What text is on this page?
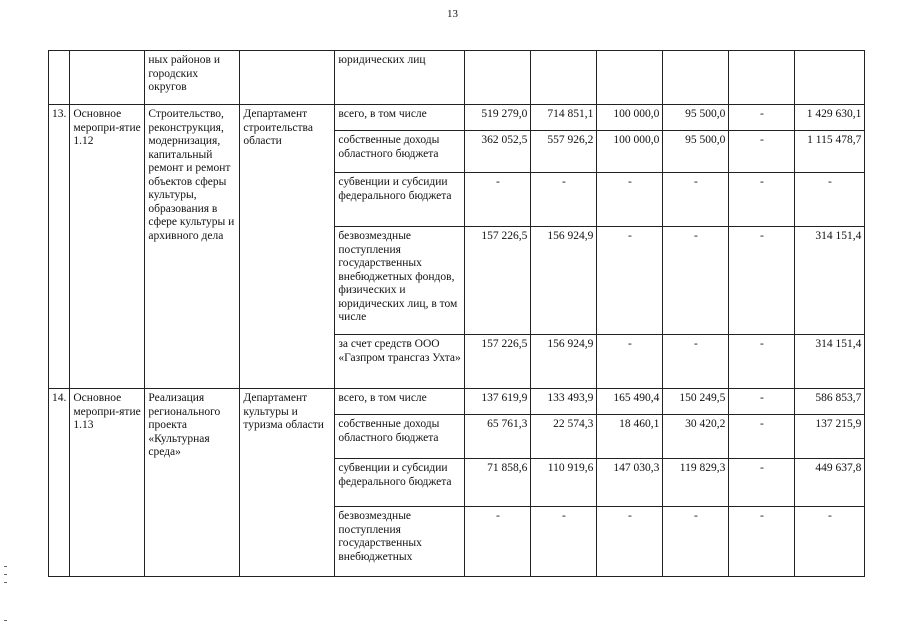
13
		ных районов и городских округов		юридических лиц						
13.	Основное меропри-ятие 1.12	Строительство, реконструкция, модернизация, капитальный ремонт и ремонт объектов сферы культуры, образования в сфере культуры и архивного дела	Департамент строительства области	всего, в том числе	519 279,0	714 851,1	100 000,0	95 500,0	-	1 429 630,1
				собственные доходы областного бюджета	362 052,5	557 926,2	100 000,0	95 500,0	-	1 115 478,7
				субвенции и субсидии федерального бюджета	-	-	-	-	-	-
				безвозмездные поступления государственных внебюджетных фондов, физических и юридических лиц, в том числе	157 226,5	156 924,9	-	-	-	314 151,4
				за счет средств ООО «Газпром трансгаз Ухта»	157 226,5	156 924,9	-	-	-	314 151,4
14.	Основное меропри-ятие 1.13	Реализация регионального проекта «Культурная среда»	Департамент культуры и туризма области	всего, в том числе	137 619,9	133 493,9	165 490,4	150 249,5	-	586 853,7
				собственные доходы областного бюджета	65 761,3	22 574,3	18 460,1	30 420,2	-	137 215,9
				субвенции и субсидии федерального бюджета	71 858,6	110 919,6	147 030,3	119 829,3	-	449 637,8
				безвозмездные поступления государственных внебюджетных	-	-	-	-	-	-
